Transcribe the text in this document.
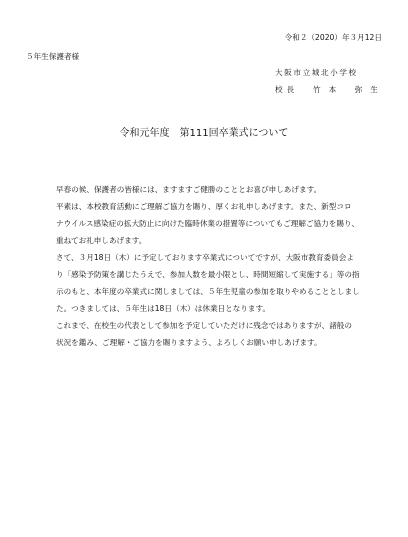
令和２（2020）年３月12日
５年生保護者様
大阪市立城北小学校
校長 竹本 弥生
令和元年度　第111回卒業式について

早春の候、保護者の皆様には、ますますご健勝のこととお喜び申しあげます。

平素は、本校教育活動にご理解ご協力を賜り、厚くお礼申しあげます。また、新型コロ
ナウイルス感染症の拡大防止に向けた臨時休業の措置等についてもご理解ご協力を賜り、
重ねてお礼申しあげます。

さて、３月18日（木）に予定しております卒業式についてですが、大阪市教育委員会よ
り「感染予防策を講じたうえで、参加人数を最小限とし、時間短縮して実施する」等の指
示のもと、本年度の卒業式に関しましては、５年生児童の参加を取りやめることとしまし
た。つきましては、５年生は18日（木）は休業日となります。

これまで、在校生の代表として参加を予定していただけに残念ではありますが、諸般の
状況を鑑み、ご理解・ご協力を賜りますよう、よろしくお願い申しあげます。
